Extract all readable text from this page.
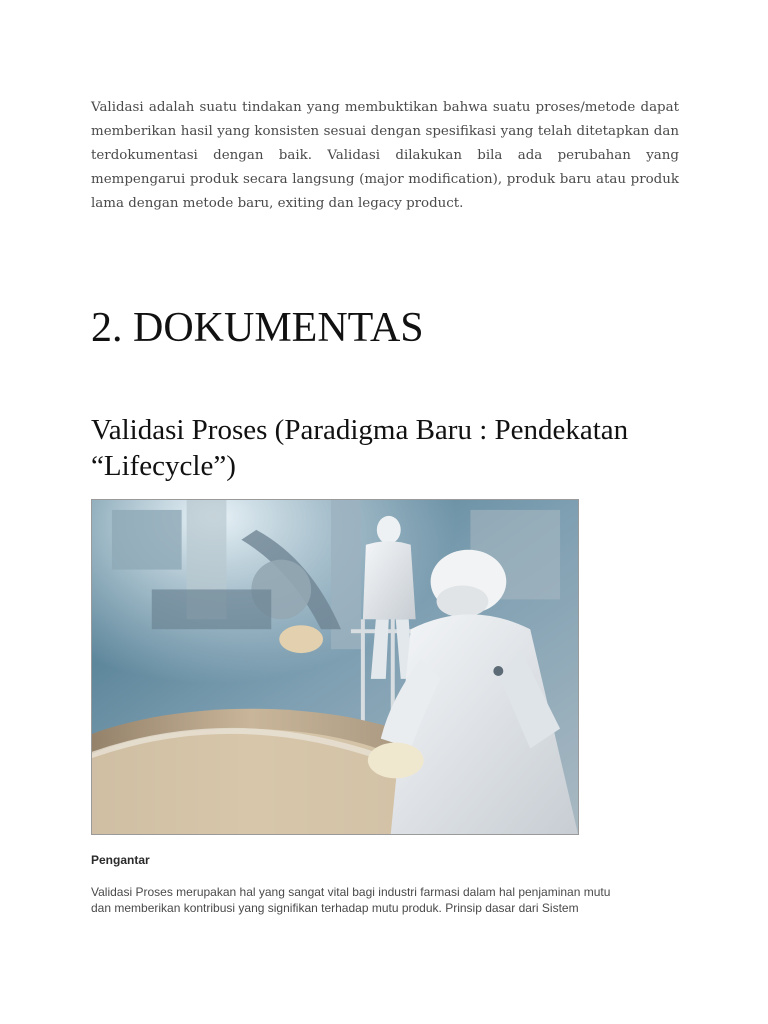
Validasi adalah suatu tindakan yang membuktikan bahwa suatu proses/metode dapat memberikan hasil yang konsisten sesuai dengan spesifikasi yang telah ditetapkan dan terdokumentasi dengan baik. Validasi dilakukan bila ada perubahan yang mempengarui produk secara langsung (major modification), produk baru atau produk lama dengan metode baru, exiting dan legacy product.

2. DOKUMENTAS
Validasi Proses (Paradigma Baru : Pendekatan “Lifecycle”)
Pengantar

Validasi Proses merupakan hal yang sangat vital bagi industri farmasi dalam hal penjaminan mutu
dan memberikan kontribusi yang signifikan terhadap mutu produk. Prinsip dasar dari Sistem
